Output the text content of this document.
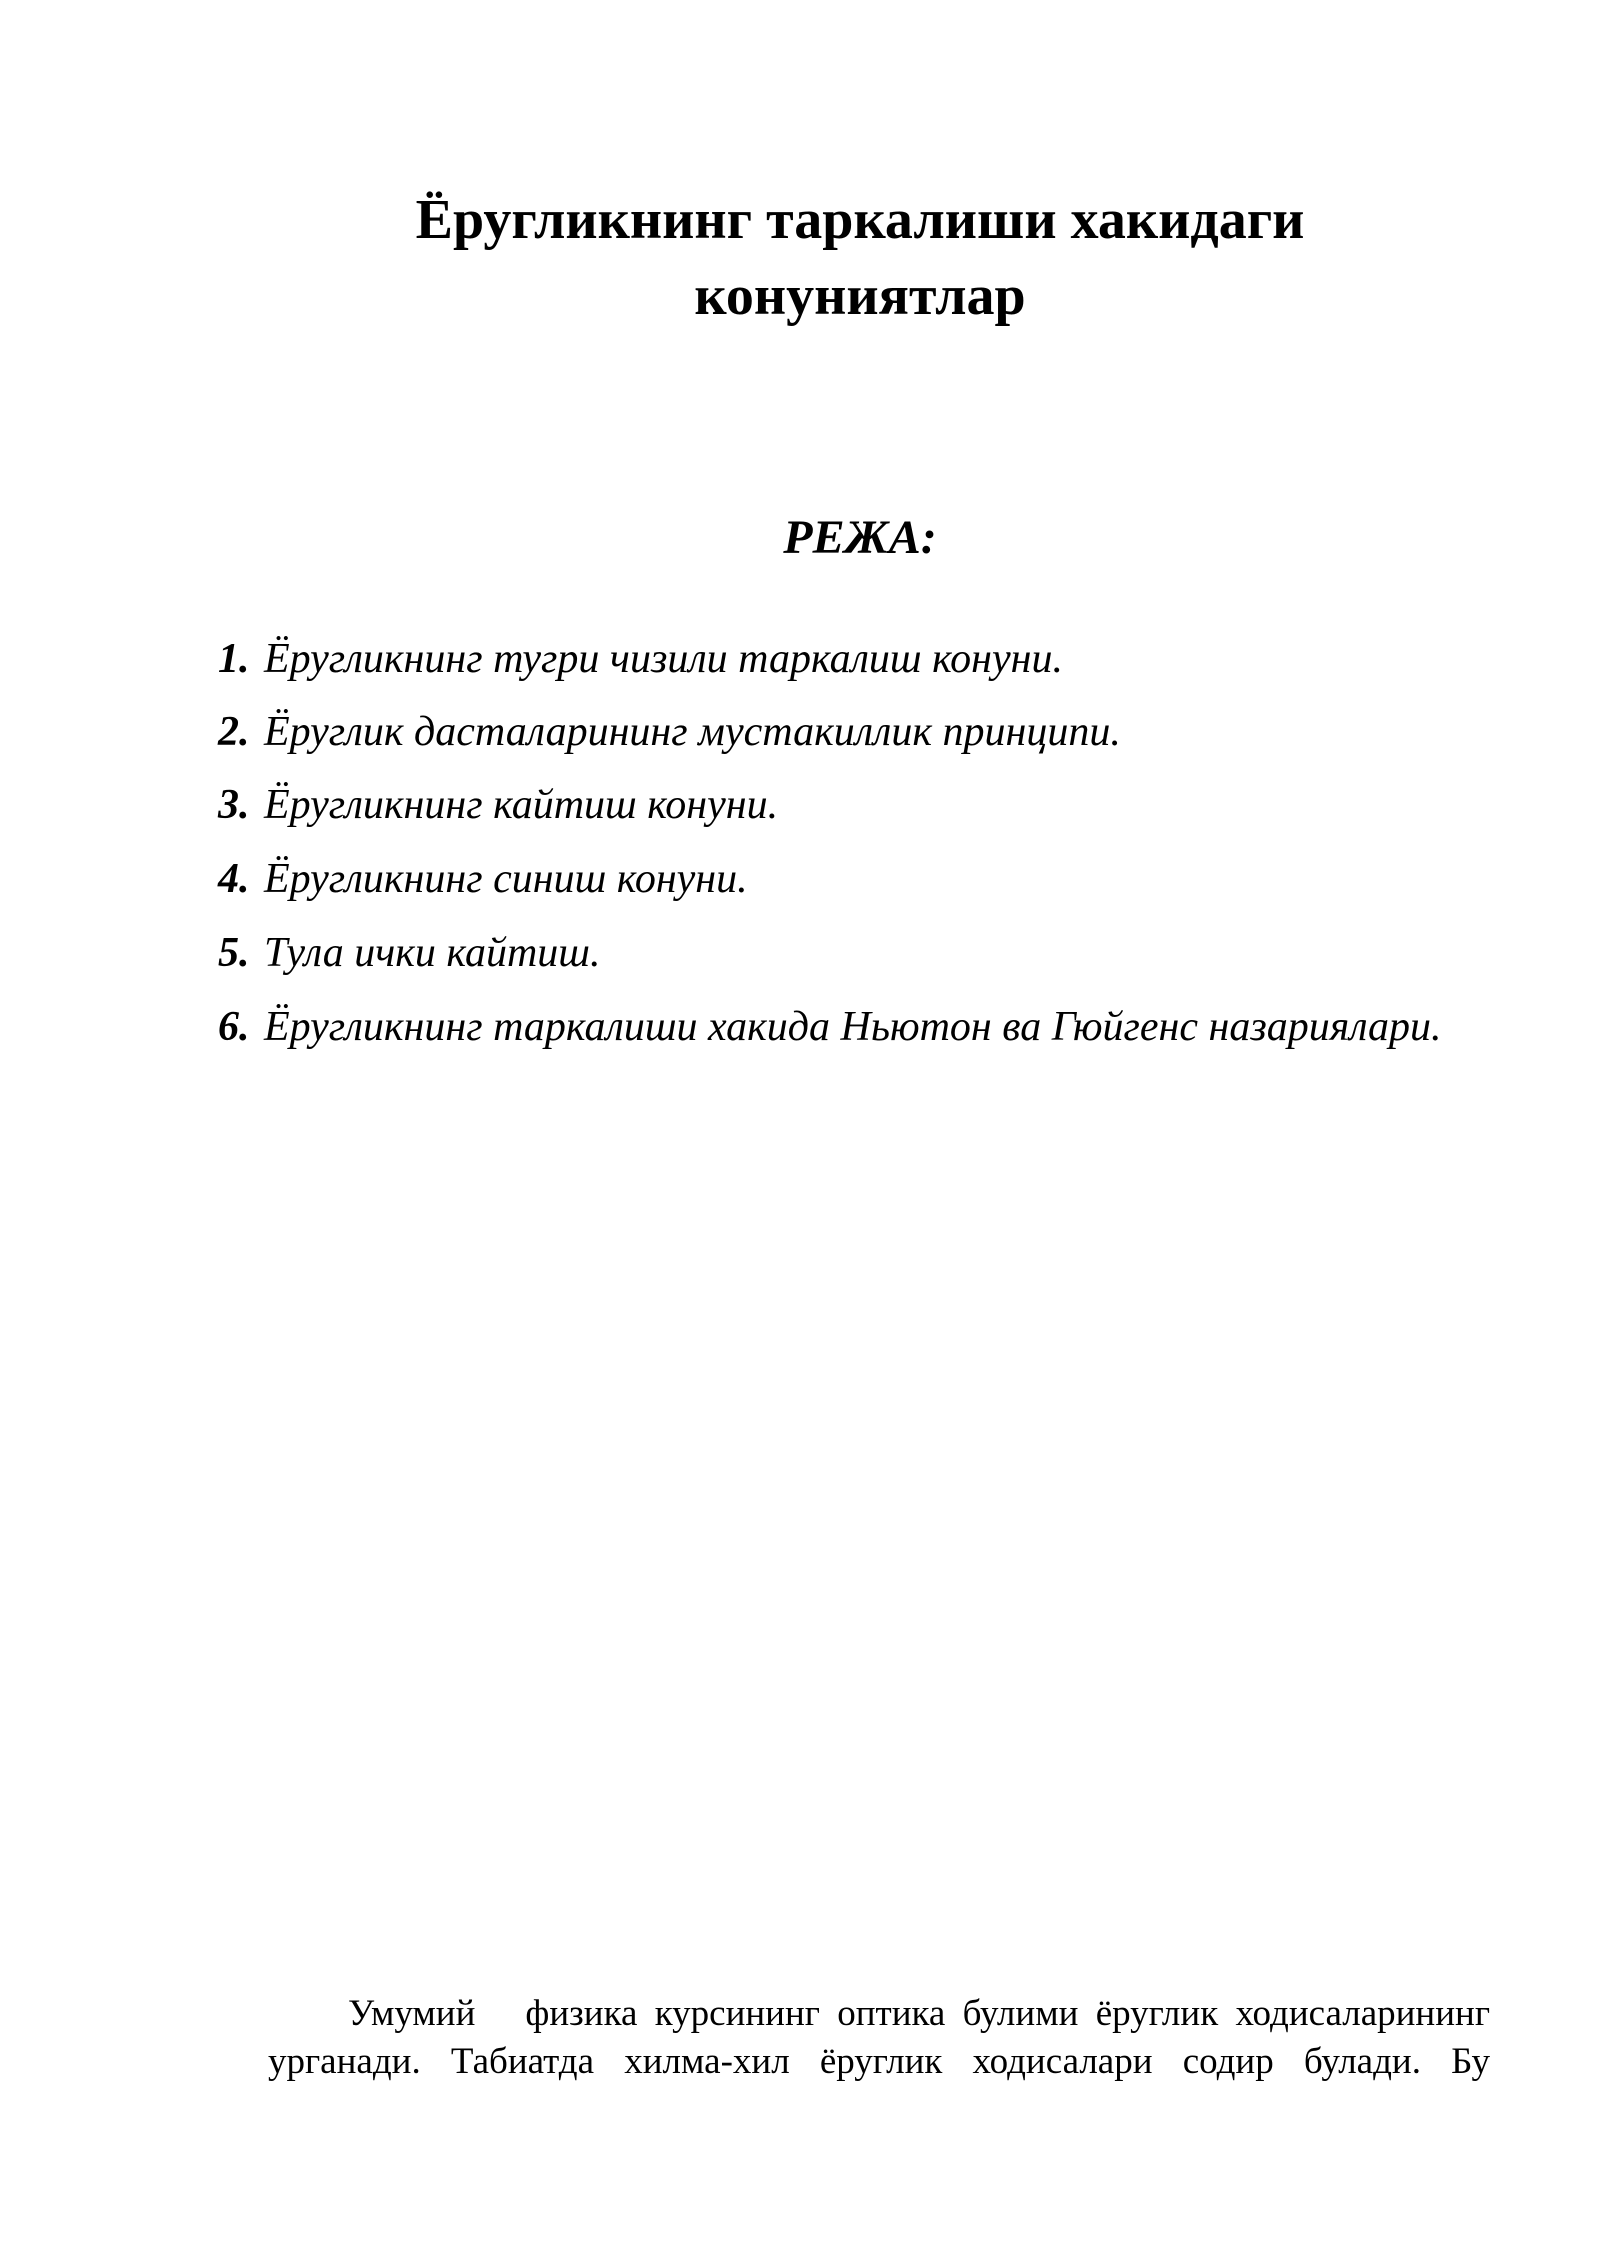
Ёругликнинг таркалиши хакидаги
конуниятлар
РЕЖА:
1. Ёругликнинг тугри чизили таркалиш конуни.
2. Ёруглик дасталарининг мустакиллик принципи.
3. Ёругликнинг кайтиш конуни.
4. Ёругликнинг синиш конуни.
5. Тула ички кайтиш.
6. Ёругликнинг таркалиши хакида Ньютон ва Гюйгенс назариялари.
Умумий физика курсининг оптика булими ёруглик ходисаларининг
урганади. Табиатда хилма-хил ёруглик ходисалари содир булади. Бу
